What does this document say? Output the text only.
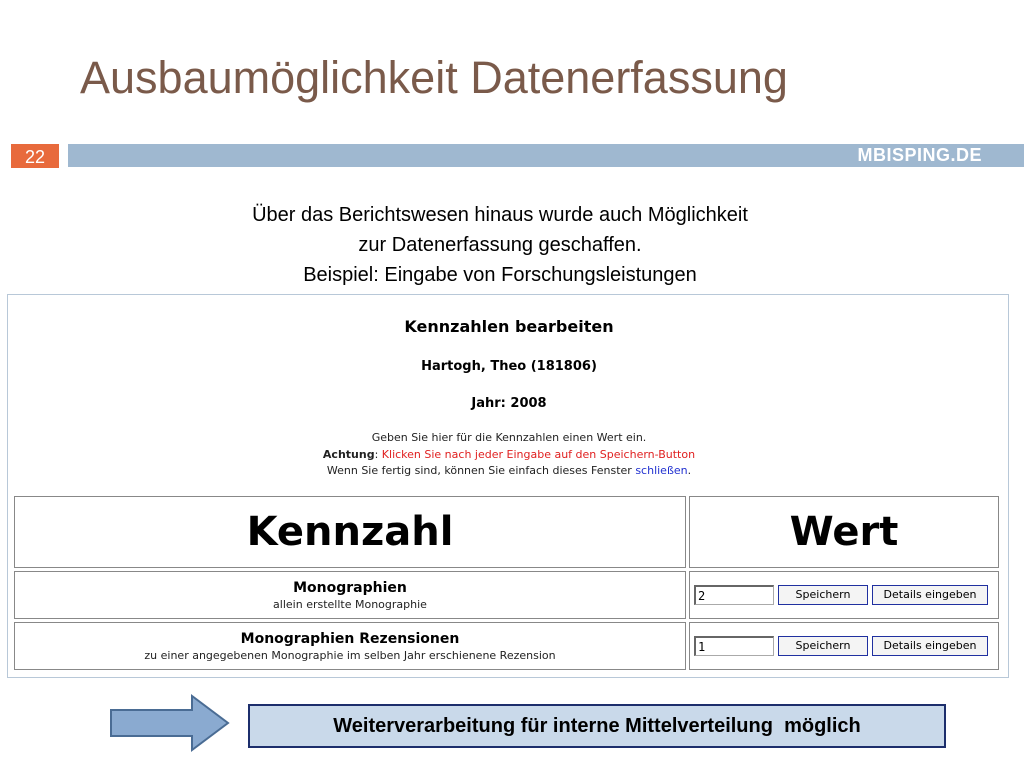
Ausbaumöglichkeit Datenerfassung
22	MBISPING.DE
Über das Berichtswesen hinaus wurde auch Möglichkeit
zur Datenerfassung geschaffen.
Beispiel: Eingabe von Forschungsleistungen
Kennzahlen bearbeiten
Hartogh, Theo (181806)
Jahr: 2008
Geben Sie hier für die Kennzahlen einen Wert ein.
Achtung: Klicken Sie nach jeder Eingabe auf den Speichern-Button
Wenn Sie fertig sind, können Sie einfach dieses Fenster schließen.
Kennzahl	Wert

Monographien
allein erstellte Monographie	2 Speichern Details eingeben

Monographien Rezensionen
zu einer angegebenen Monographie im selben Jahr erschienene Rezension	1 Speichern Details eingeben
Weiterverarbeitung für interne Mittelverteilung  möglich
